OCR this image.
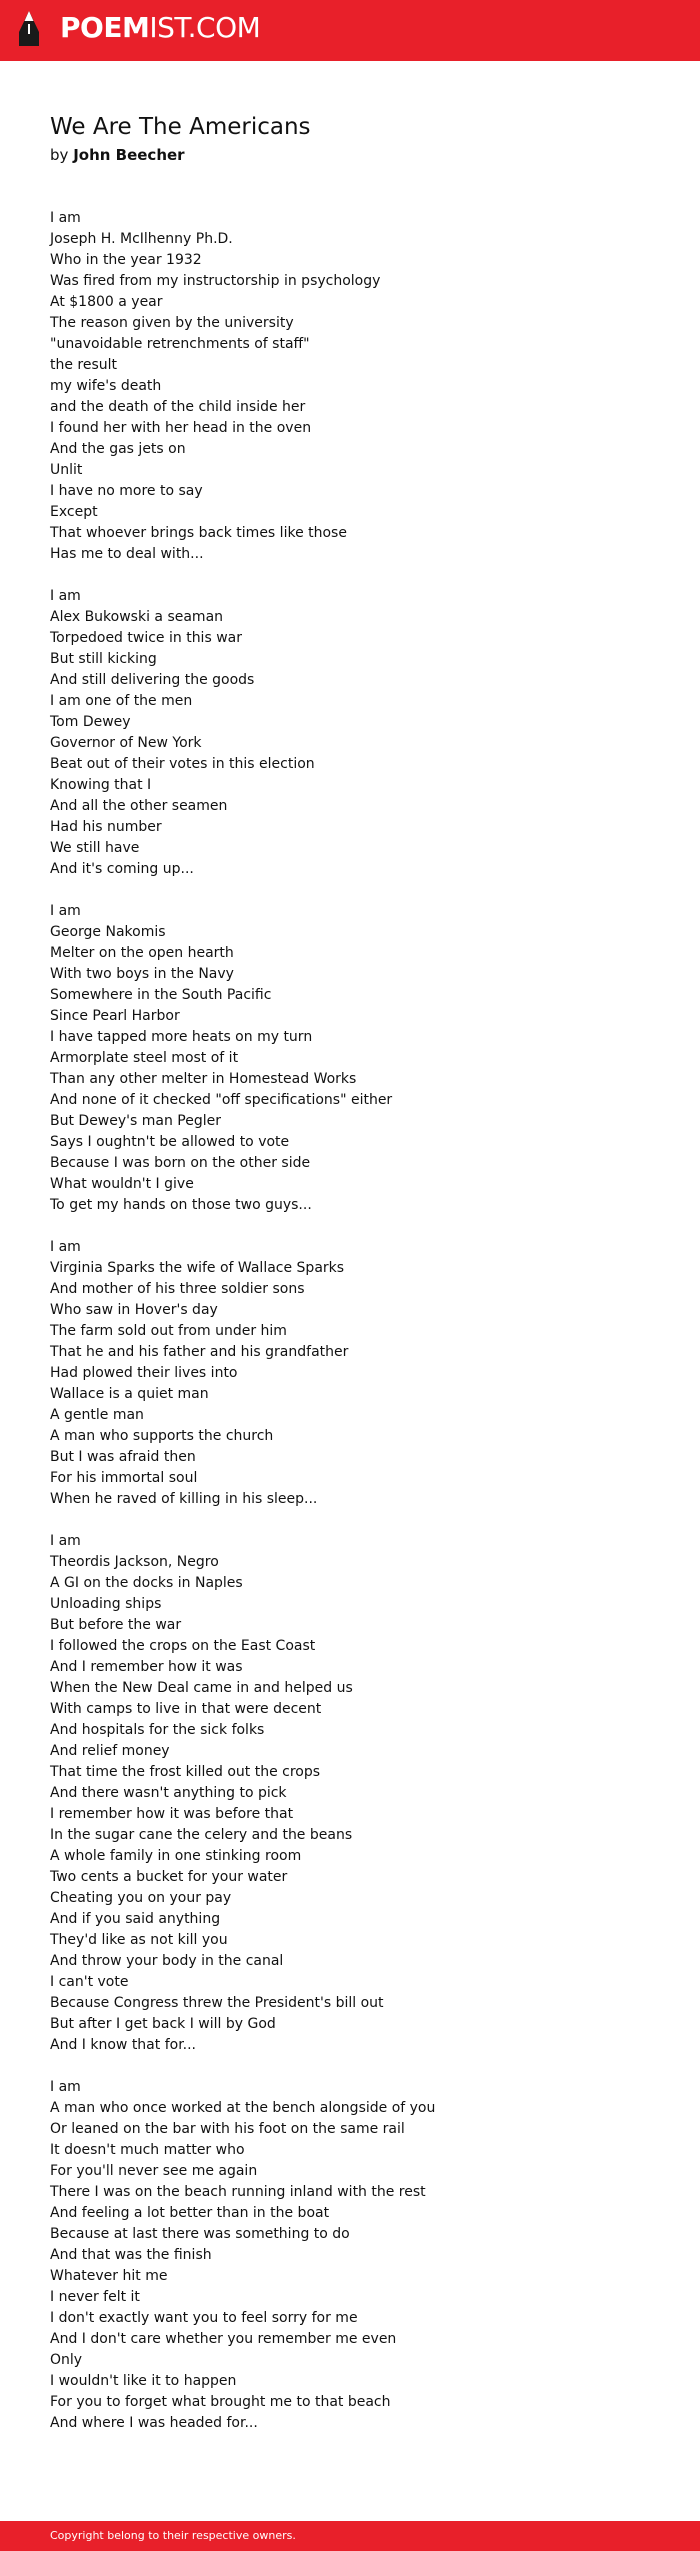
POEMIST.COM
We Are The Americans
by John Beecher
I am
Joseph H. McIlhenny Ph.D.
Who in the year 1932
Was fired from my instructorship in psychology
At $1800 a year
The reason given by the university
"unavoidable retrenchments of staff"
the result
my wife's death
and the death of the child inside her
I found her with her head in the oven
And the gas jets on
Unlit
I have no more to say
Except
That whoever brings back times like those
Has me to deal with...
I am
Alex Bukowski a seaman
Torpedoed twice in this war
But still kicking
And still delivering the goods
I am one of the men
Tom Dewey
Governor of New York
Beat out of their votes in this election
Knowing that I
And all the other seamen
Had his number
We still have
And it's coming up...
I am
George Nakomis
Melter on the open hearth
With two boys in the Navy
Somewhere in the South Pacific
Since Pearl Harbor
I have tapped more heats on my turn
Armorplate steel most of it
Than any other melter in Homestead Works
And none of it checked "off specifications" either
But Dewey's man Pegler
Says I oughtn't be allowed to vote
Because I was born on the other side
What wouldn't I give
To get my hands on those two guys...
I am
Virginia Sparks the wife of Wallace Sparks
And mother of his three soldier sons
Who saw in Hover's day
The farm sold out from under him
That he and his father and his grandfather
Had plowed their lives into
Wallace is a quiet man
A gentle man
A man who supports the church
But I was afraid then
For his immortal soul
When he raved of killing in his sleep...
I am
Theordis Jackson, Negro
A GI on the docks in Naples
Unloading ships
But before the war
I followed the crops on the East Coast
And I remember how it was
When the New Deal came in and helped us
With camps to live in that were decent
And hospitals for the sick folks
And relief money
That time the frost killed out the crops
And there wasn't anything to pick
I remember how it was before that
In the sugar cane the celery and the beans
A whole family in one stinking room
Two cents a bucket for your water
Cheating you on your pay
And if you said anything
They'd like as not kill you
And throw your body in the canal
I can't vote
Because Congress threw the President's bill out
But after I get back I will by God
And I know that for...
I am
A man who once worked at the bench alongside of you
Or leaned on the bar with his foot on the same rail
It doesn't much matter who
For you'll never see me again
There I was on the beach running inland with the rest
And feeling a lot better than in the boat
Because at last there was something to do
And that was the finish
Whatever hit me
I never felt it
I don't exactly want you to feel sorry for me
And I don't care whether you remember me even
Only
I wouldn't like it to happen
For you to forget what brought me to that beach
And where I was headed for...
Copyright belong to their respective owners.
